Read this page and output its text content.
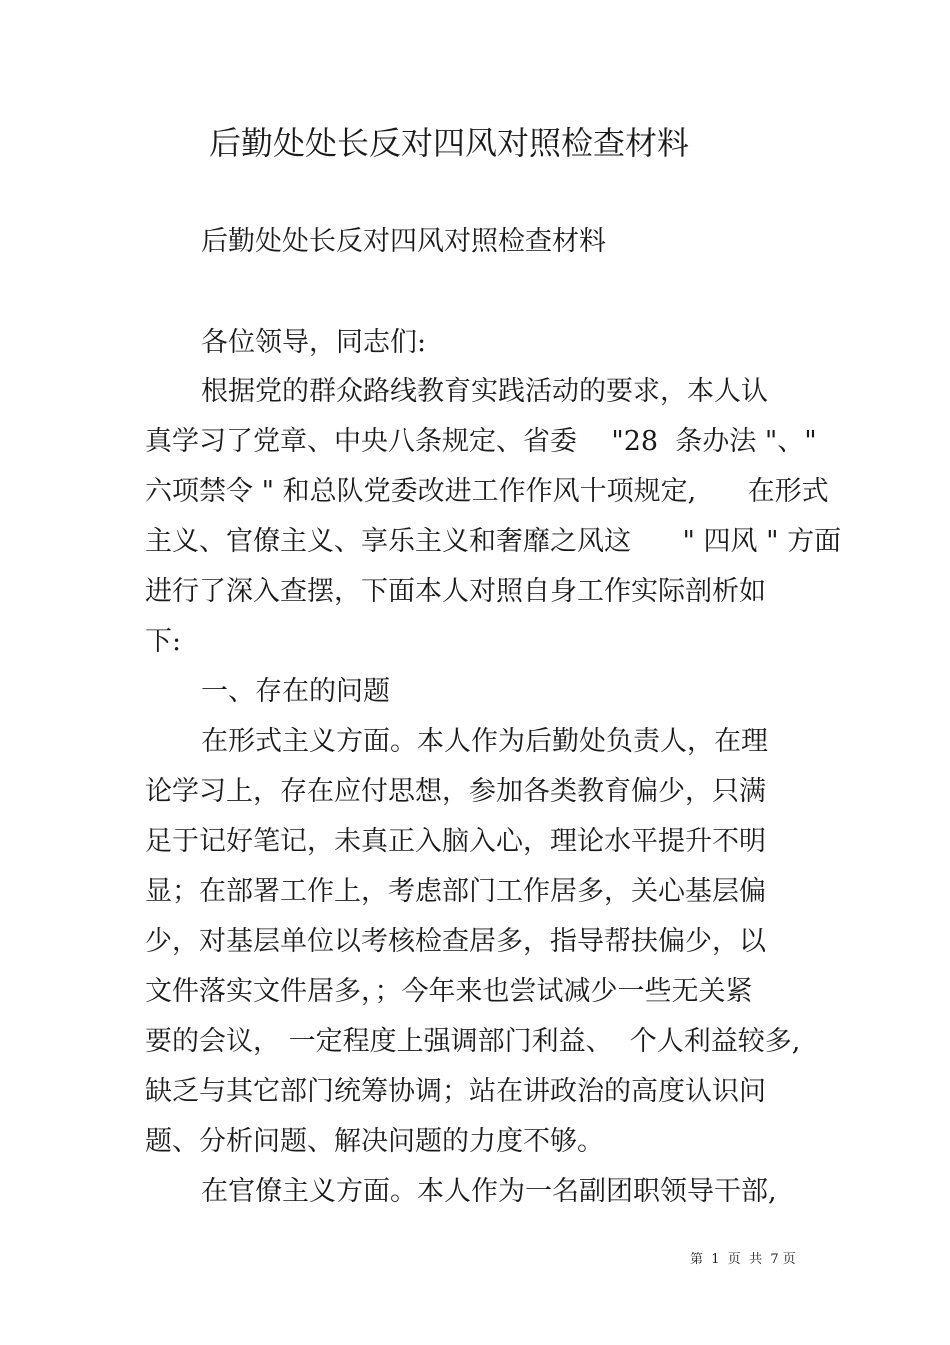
后勤处处长反对四风对照检查材料
后勤处处长反对四风对照检查材料
各位领导，同志们:
根据党的群众路线教育实践活动的要求，本人认
真学习了党章、中央八条规定、省委    "28  条办法 "、"
六项禁令 " 和总队党委改进工作作风十项规定,      在形式
主义、官僚主义、享乐主义和奢靡之风这      " 四风 " 方面
进行了深入查摆，下面本人对照自身工作实际剖析如
下:
一、存在的问题
在形式主义方面。本人作为后勤处负责人，在理
论学习上，存在应付思想，参加各类教育偏少，只满
足于记好笔记，未真正入脑入心，理论水平提升不明
显；在部署工作上，考虑部门工作居多，关心基层偏
少，对基层单位以考核检查居多，指导帮扶偏少，以
文件落实文件居多，；今年来也尝试减少一些无关紧
要的会议， 一定程度上强调部门利益、  个人利益较多,
缺乏与其它部门统筹协调；站在讲政治的高度认识问
题、分析问题、解决问题的力度不够。
在官僚主义方面。本人作为一名副团职领导干部,
第  1  页  共  7 页
